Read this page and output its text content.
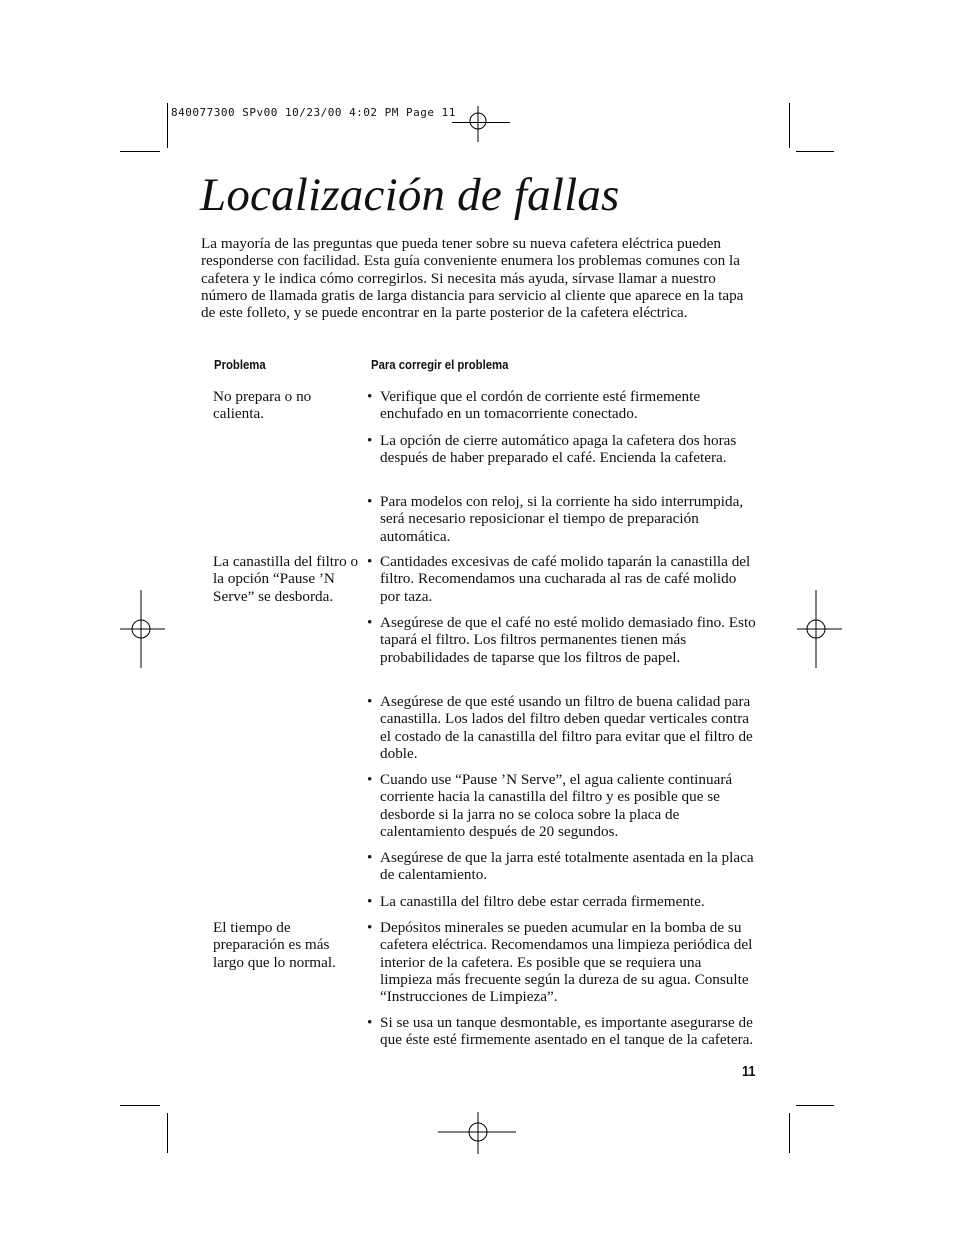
840077300 SPv00 10/23/00 4:02 PM Page 11
Localización de fallas
La mayoría de las preguntas que pueda tener sobre su nueva cafetera eléctrica pueden responderse con facilidad. Esta guía conveniente enumera los problemas comunes con la cafetera y le indica cómo corregirlos. Si necesita más ayuda, sírvase llamar a nuestro número de llamada gratis de larga distancia para servicio al cliente que aparece en la tapa de este folleto, y se puede encontrar en la parte posterior de la cafetera eléctrica.
Problema	Para corregir el problema
No prepara o no calienta.
La canastilla del filtro o la opción “Pause ’N Serve” se desborda.
El tiempo de preparación es más largo que lo normal.
• Verifique que el cordón de corriente esté firmemente enchufado en un tomacorriente conectado.
• La opción de cierre automático apaga la cafetera dos horas después de haber preparado el café. Encienda la cafetera.
• Para modelos con reloj, si la corriente ha sido interrumpida, será necesario reposicionar el tiempo de preparación automática.
• Cantidades excesivas de café molido taparán la canastilla del filtro. Recomendamos una cucharada al ras de café molido por taza.
• Asegúrese de que el café no esté molido demasiado fino. Esto tapará el filtro. Los filtros permanentes tienen más probabilidades de taparse que los filtros de papel.
• Asegúrese de que esté usando un filtro de buena calidad para canastilla. Los lados del filtro deben quedar verticales contra el costado de la canastilla del filtro para evitar que el filtro de doble.
• Cuando use “Pause ’N Serve”, el agua caliente continuará corriente hacia la canastilla del filtro y es posible que se desborde si la jarra no se coloca sobre la placa de calentamiento después de 20 segundos.
• Asegúrese de que la jarra esté totalmente asentada en la placa de calentamiento.
• La canastilla del filtro debe estar cerrada firmemente.
• Depósitos minerales se pueden acumular en la bomba de su cafetera eléctrica. Recomendamos una limpieza periódica del interior de la cafetera. Es posible que se requiera una limpieza más frecuente según la dureza de su agua. Consulte “Instrucciones de Limpieza”.
• Si se usa un tanque desmontable, es importante asegurarse de que éste esté firmemente asentado en el tanque de la cafetera.
11
